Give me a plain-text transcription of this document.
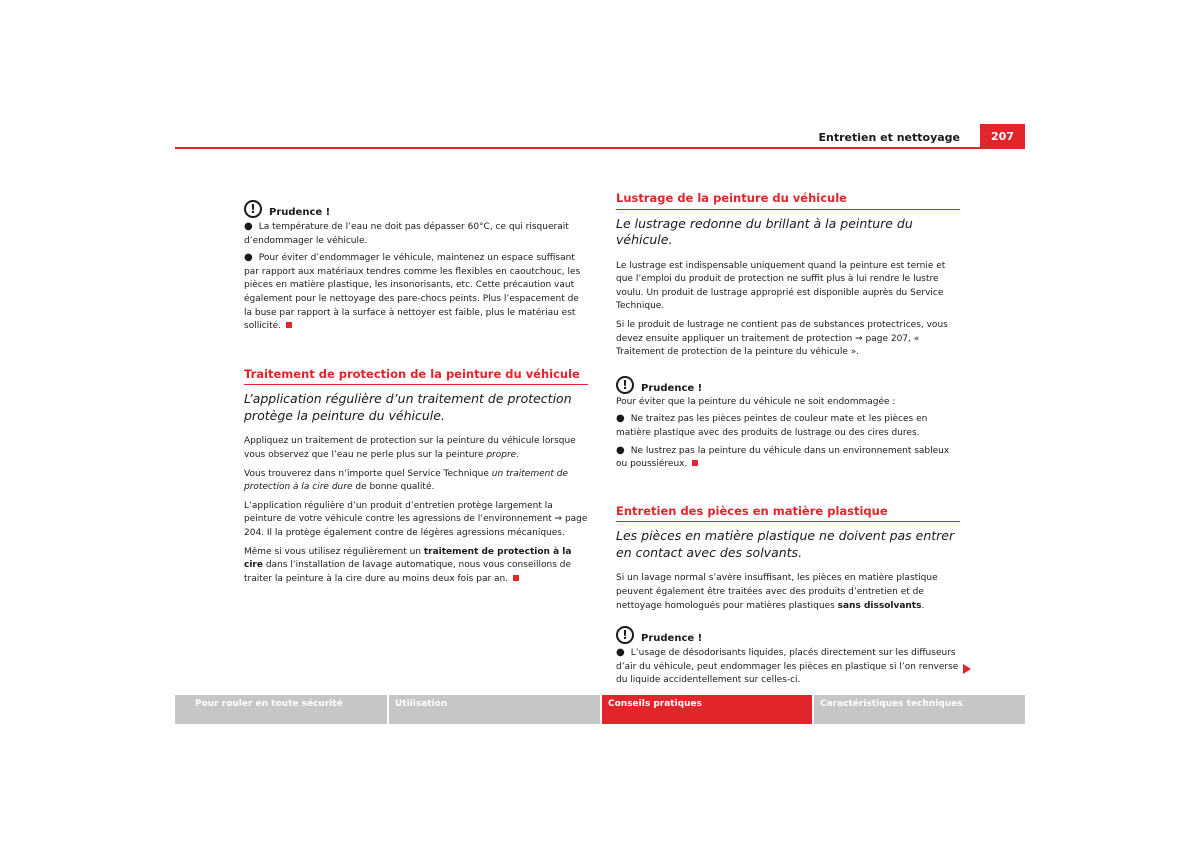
Entretien et nettoyage	207
!	Prudence !

● La température de l’eau ne doit pas dépasser 60°C, ce qui risquerait d’endommager le véhicule.

● Pour éviter d’endommager le véhicule, maintenez un espace suffisant par rapport aux matériaux tendres comme les flexibles en caoutchouc, les pièces en matière plastique, les insonorisants, etc. Cette précaution vaut également pour le nettoyage des pare-chocs peints. Plus l’espacement de la buse par rapport à la surface à nettoyer est faible, plus le matériau est sollicité.

Traitement de protection de la peinture du véhicule

L’application régulière d’un traitement de protection protège la peinture du véhicule.

Appliquez un traitement de protection sur la peinture du véhicule lorsque vous observez que l’eau ne perle plus sur la peinture propre.

Vous trouverez dans n’importe quel Service Technique un traitement de protection à la cire dure de bonne qualité.

L’application régulière d’un produit d’entretien protège largement la peinture de votre véhicule contre les agressions de l’environnement ⇒ page 204. Il la protège également contre de légères agressions mécaniques.

Même si vous utilisez régulièrement un traitement de protection à la cire dans l’installation de lavage automatique, nous vous conseillons de traiter la peinture à la cire dure au moins deux fois par an.

Lustrage de la peinture du véhicule

Le lustrage redonne du brillant à la peinture du véhicule.

Le lustrage est indispensable uniquement quand la peinture est ternie et que l’emploi du produit de protection ne suffit plus à lui rendre le lustre voulu. Un produit de lustrage approprié est disponible auprès du Service Technique.

Si le produit de lustrage ne contient pas de substances protectrices, vous devez ensuite appliquer un traitement de protection ⇒ page 207, « Traitement de protection de la peinture du véhicule ».

!	Prudence !

Pour éviter que la peinture du véhicule ne soit endommagée :

● Ne traitez pas les pièces peintes de couleur mate et les pièces en matière plastique avec des produits de lustrage ou des cires dures.

● Ne lustrez pas la peinture du véhicule dans un environnement sableux ou poussiéreux.

Entretien des pièces en matière plastique

Les pièces en matière plastique ne doivent pas entrer en contact avec des solvants.

Si un lavage normal s’avère insuffisant, les pièces en matière plastique peuvent également être traitées avec des produits d’entretien et de nettoyage homologués pour matières plastiques sans dissolvants.

!	Prudence !

● L’usage de désodorisants liquides, placés directement sur les diffuseurs d’air du véhicule, peut endommager les pièces en plastique si l’on renverse du liquide accidentellement sur celles-ci.

Pour rouler en toute sécurité	Utilisation	Conseils pratiques	Caractéristiques techniques
